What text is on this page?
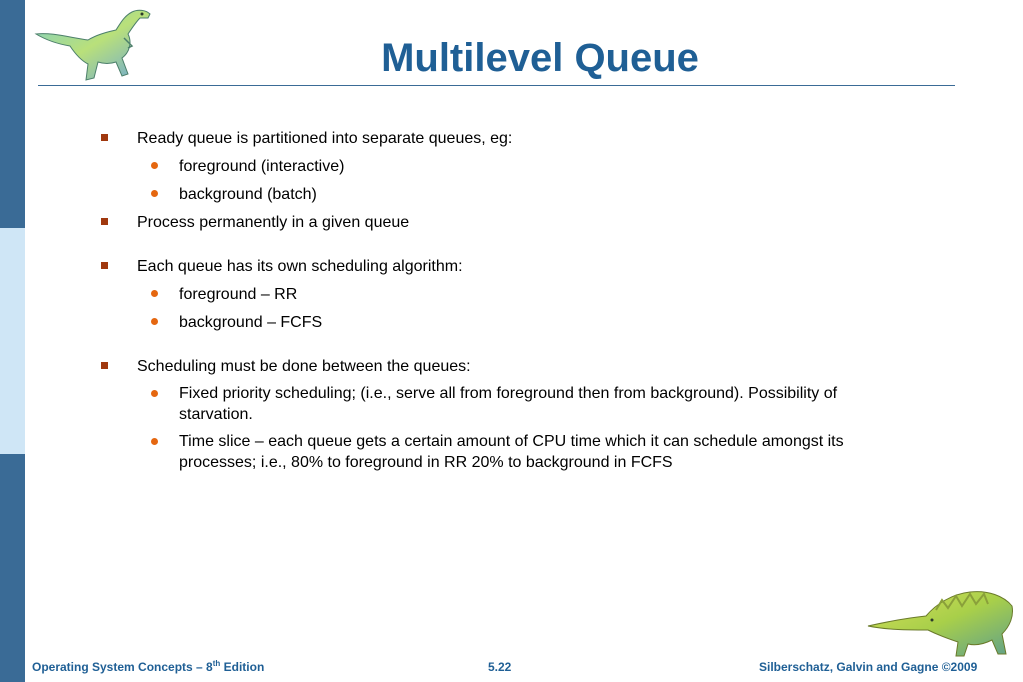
Multilevel Queue
Ready queue is partitioned into separate queues, eg:
foreground (interactive)
background (batch)
Process permanently in a given queue
Each queue has its own scheduling algorithm:
foreground – RR
background – FCFS
Scheduling must be done between the queues:
Fixed priority scheduling; (i.e., serve all from foreground then from background). Possibility of starvation.
Time slice – each queue gets a certain amount of CPU time which it can schedule amongst its processes; i.e., 80% to foreground in RR 20% to background in FCFS
Operating System Concepts – 8th Edition	5.22	Silberschatz, Galvin and Gagne ©2009
